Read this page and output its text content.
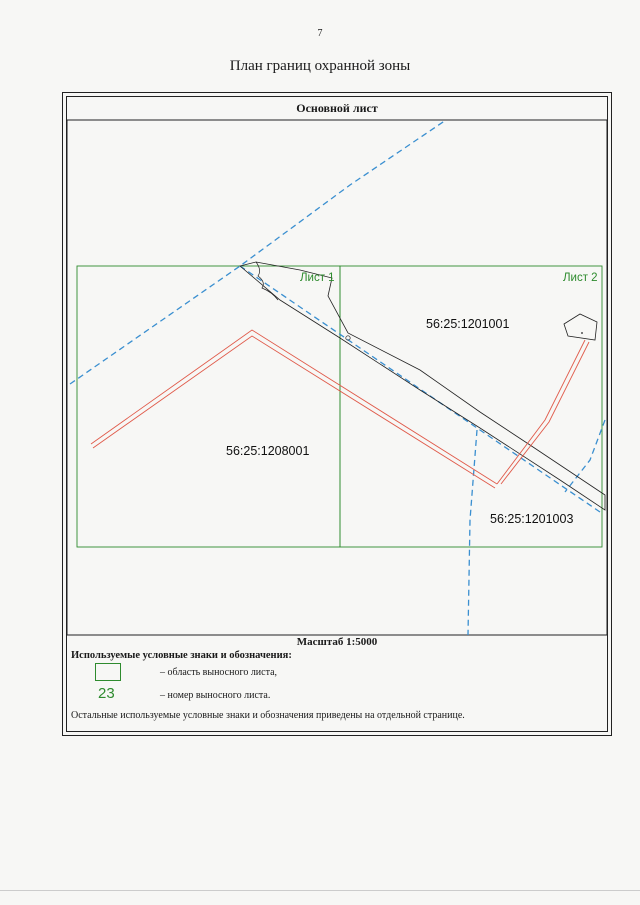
7
План границ охранной зоны
Основной лист
Лист 1	Лист 2
56:25:1201001
56:25:1208001
56:25:1201003
Масштаб 1:5000
Используемые условные знаки и обозначения:
– область выносного листа,
23	– номер выносного листа.
Остальные используемые условные знаки и обозначения приведены на отдельной странице.
